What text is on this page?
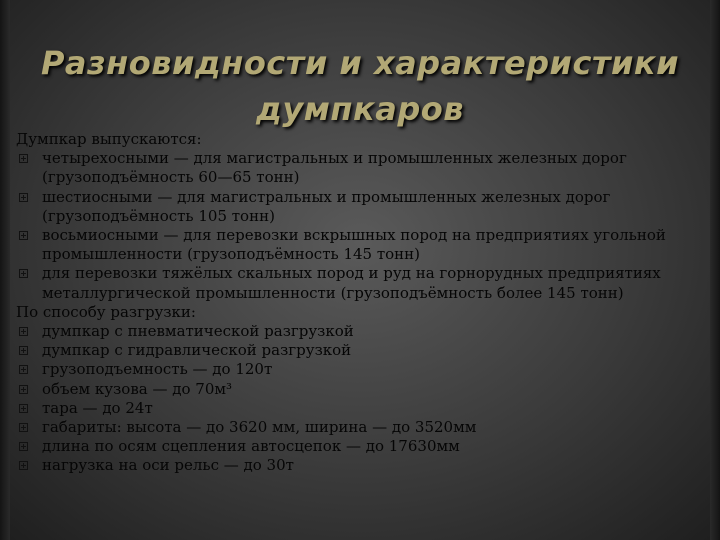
Разновидности и характеристики думпкаров

Думпкар выпускаются:

четырехосными — для магистральных и промышленных железных дорог (грузоподъёмность 60—65 тонн)
шестиосными — для магистральных и промышленных железных дорог (грузоподъёмность 105 тонн)
восьмиосными — для перевозки вскрышных пород на предприятиях угольной промышленности (грузоподъёмность 145 тонн)
для перевозки тяжёлых скальных пород и руд на горнорудных предприятиях металлургической промышленности (грузоподъёмность более 145 тонн)

По способу разгрузки:

думпкар с пневматической разгрузкой
думпкар с гидравлической разгрузкой
грузоподъемность — до 120т
объем кузова — до 70м³
тара — до 24т
габариты: высота — до 3620 мм, ширина — до 3520мм
длина по осям сцепления автосцепок — до 17630мм
нагрузка на оси рельс — до 30т
